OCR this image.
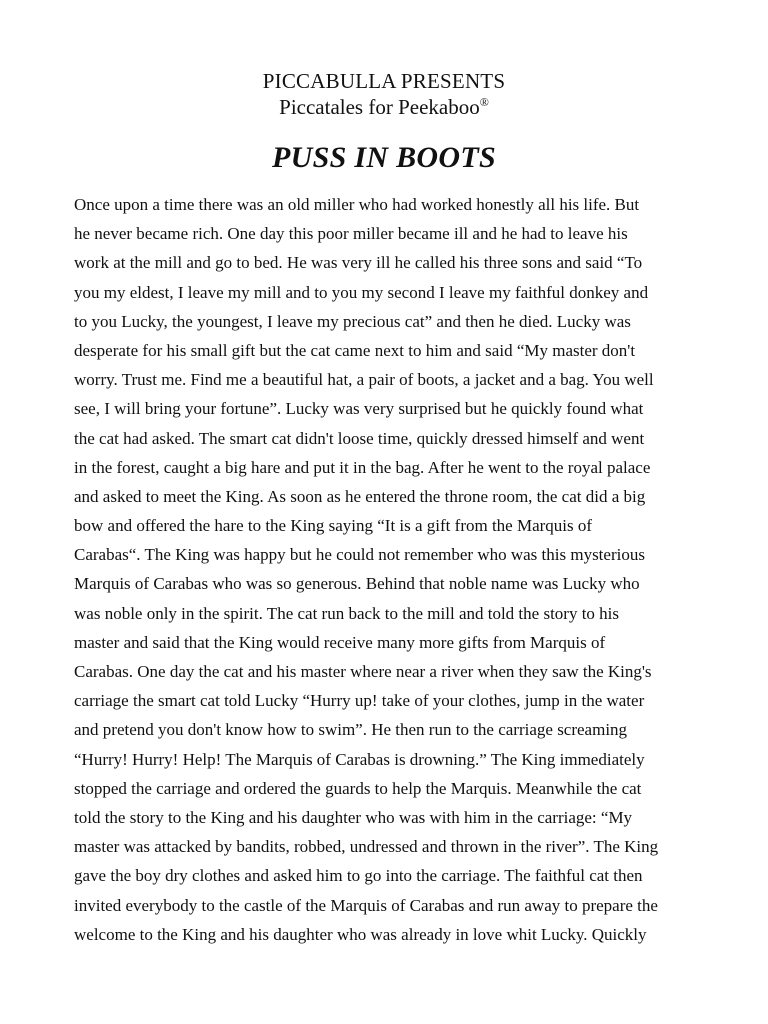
PICCABULLA PRESENTS
Piccatales for Peekaboo®
PUSS IN BOOTS
Once upon a time there was an old miller who had worked honestly all his life. But
he never became rich. One day this poor miller became ill and he had to leave his
work at the mill and go to bed. He was very ill he called his three sons and said “To
you my eldest, I leave my mill and to you my second I leave my faithful donkey and
to you Lucky, the youngest, I leave my precious cat” and then he died. Lucky was
desperate for his small gift but the cat came next to him and said “My master don't
worry. Trust me. Find me a beautiful hat, a pair of boots, a jacket and a bag. You well
see, I will bring your fortune”. Lucky was very surprised but he quickly found what
the cat had asked. The smart cat didn't loose time, quickly dressed himself and went
in the forest, caught a big hare and put it in the bag. After he went to the royal palace
and asked to meet the King. As soon as he entered the throne room, the cat did a big
bow and offered the hare to the King saying “It is a gift from the Marquis of
Carabas“. The King was happy but he could not remember who was this mysterious
Marquis of Carabas who was so generous. Behind that noble name was Lucky who
was noble only in the spirit. The cat run back to the mill and told the story to his
master and said that the King would receive many more gifts from Marquis of
Carabas. One day the cat and his master where near a river when they saw the King's
carriage the smart cat told Lucky “Hurry up! take of your clothes, jump in the water
and pretend you don't know how to swim”. He then run to the carriage screaming
“Hurry! Hurry! Help! The Marquis of Carabas is drowning.” The King immediately
stopped the carriage and ordered the guards to help the Marquis. Meanwhile the cat
told the story to the King and his daughter who was with him in the carriage: “My
master was attacked by bandits, robbed, undressed and thrown in the river”. The King
gave the boy dry clothes and asked him to go into the carriage. The faithful cat then
invited everybody to the castle of the Marquis of Carabas and run away to prepare the
welcome to the King and his daughter who was already in love whit Lucky. Quickly
